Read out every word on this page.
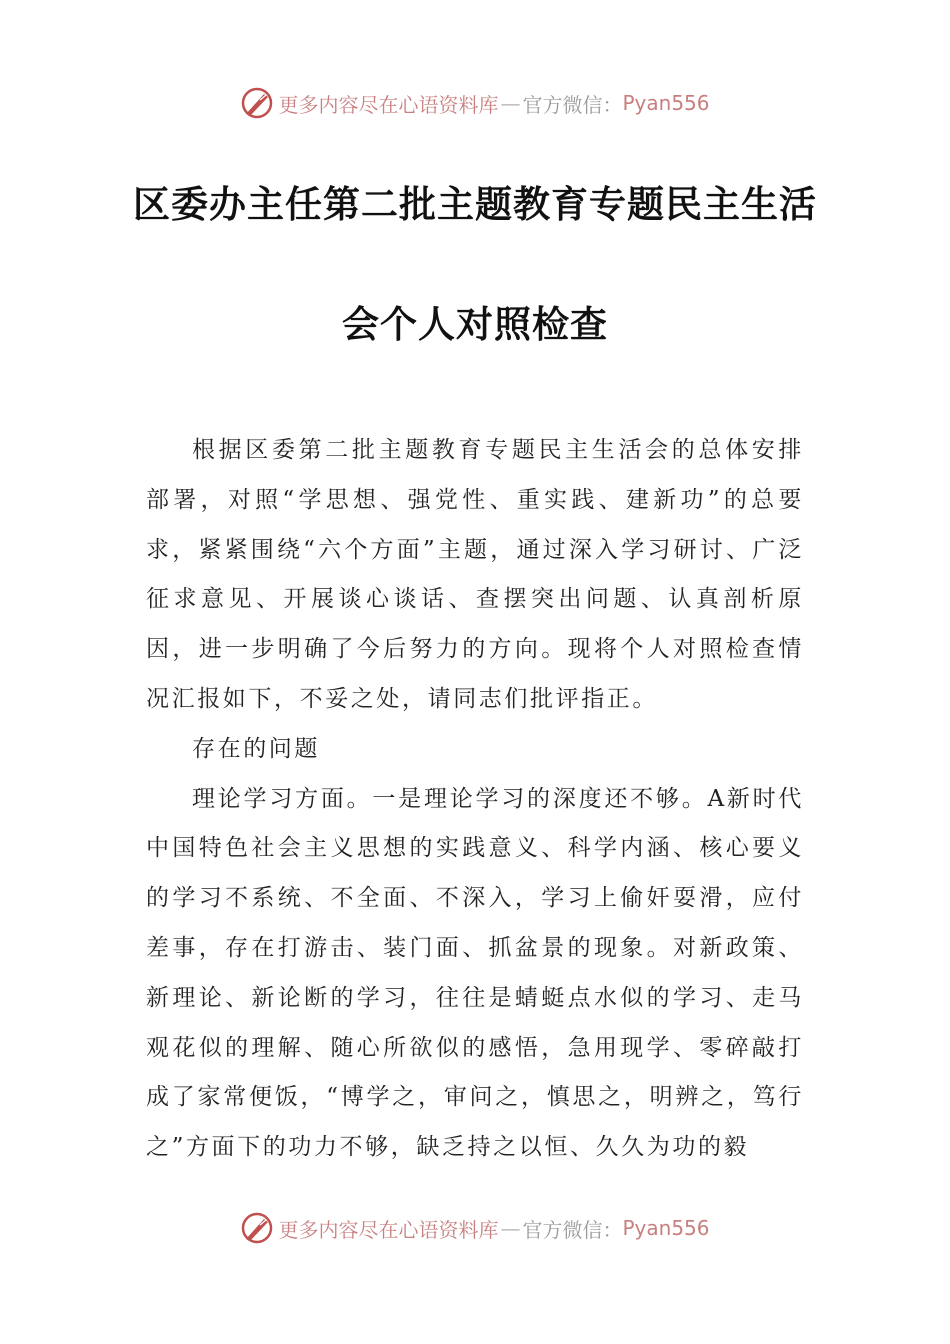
更多内容尽在心语资料库 — 官方微信： Pyan556
区委办主任第二批主题教育专题民主生活
会个人对照检查

根据区委第二批主题教育专题民主生活会的总体安排部署，对照“学思想、强党性、重实践、建新功”的总要求，紧紧围绕“六个方面”主题，通过深入学习研讨、广泛征求意见、开展谈心谈话、查摆突出问题、认真剖析原因，进一步明确了今后努力的方向。现将个人对照检查情况汇报如下，不妥之处，请同志们批评指正。

存在的问题

理论学习方面。一是理论学习的深度还不够。A新时代中国特色社会主义思想的实践意义、科学内涵、核心要义的学习不系统、不全面、不深入，学习上偷奸耍滑，应付差事，存在打游击、装门面、抓盆景的现象。对新政策、新理论、新论断的学习，往往是蜻蜓点水似的学习、走马观花似的理解、随心所欲似的感悟，急用现学、零碎敲打成了家常便饭，“博学之，审问之，慎思之，明辨之，笃行之”方面下的功力不够，缺乏持之以恒、久久为功的毅

更多内容尽在心语资料库 — 官方微信： Pyan556
